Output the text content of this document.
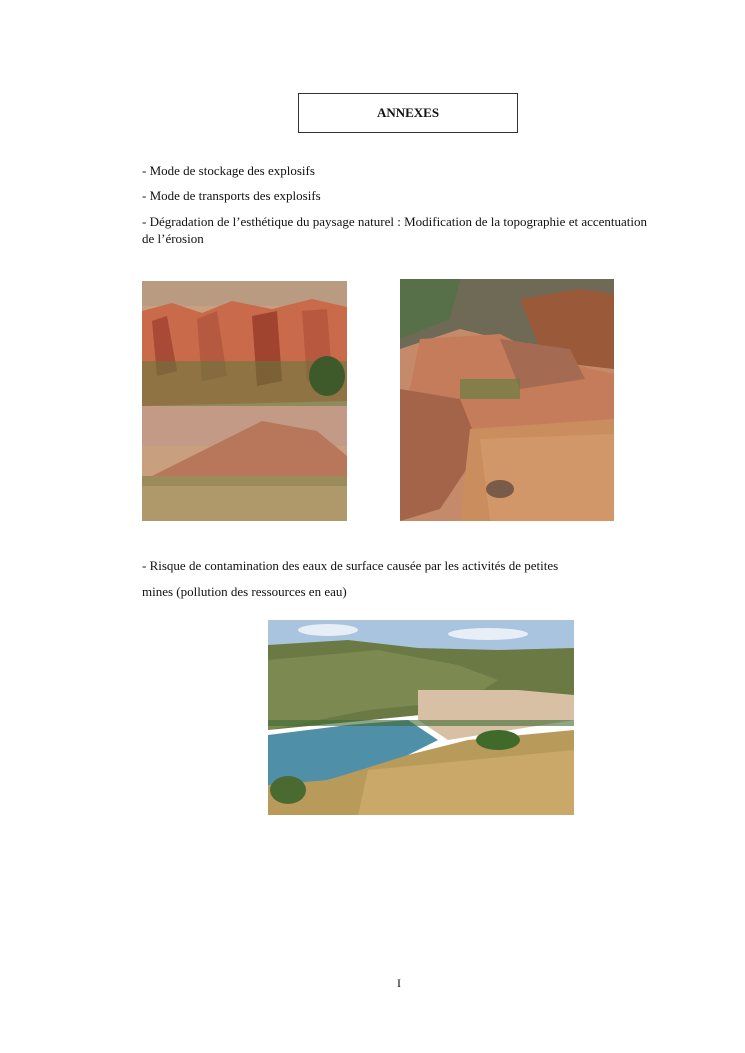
ANNEXES
- Mode de stockage des explosifs
- Mode de transports des explosifs
- Dégradation de l’esthétique du paysage naturel : Modification de la topographie et accentuation de l’érosion
- Risque de contamination des eaux de surface causée par les activités de petites
mines (pollution des ressources en eau)
I
